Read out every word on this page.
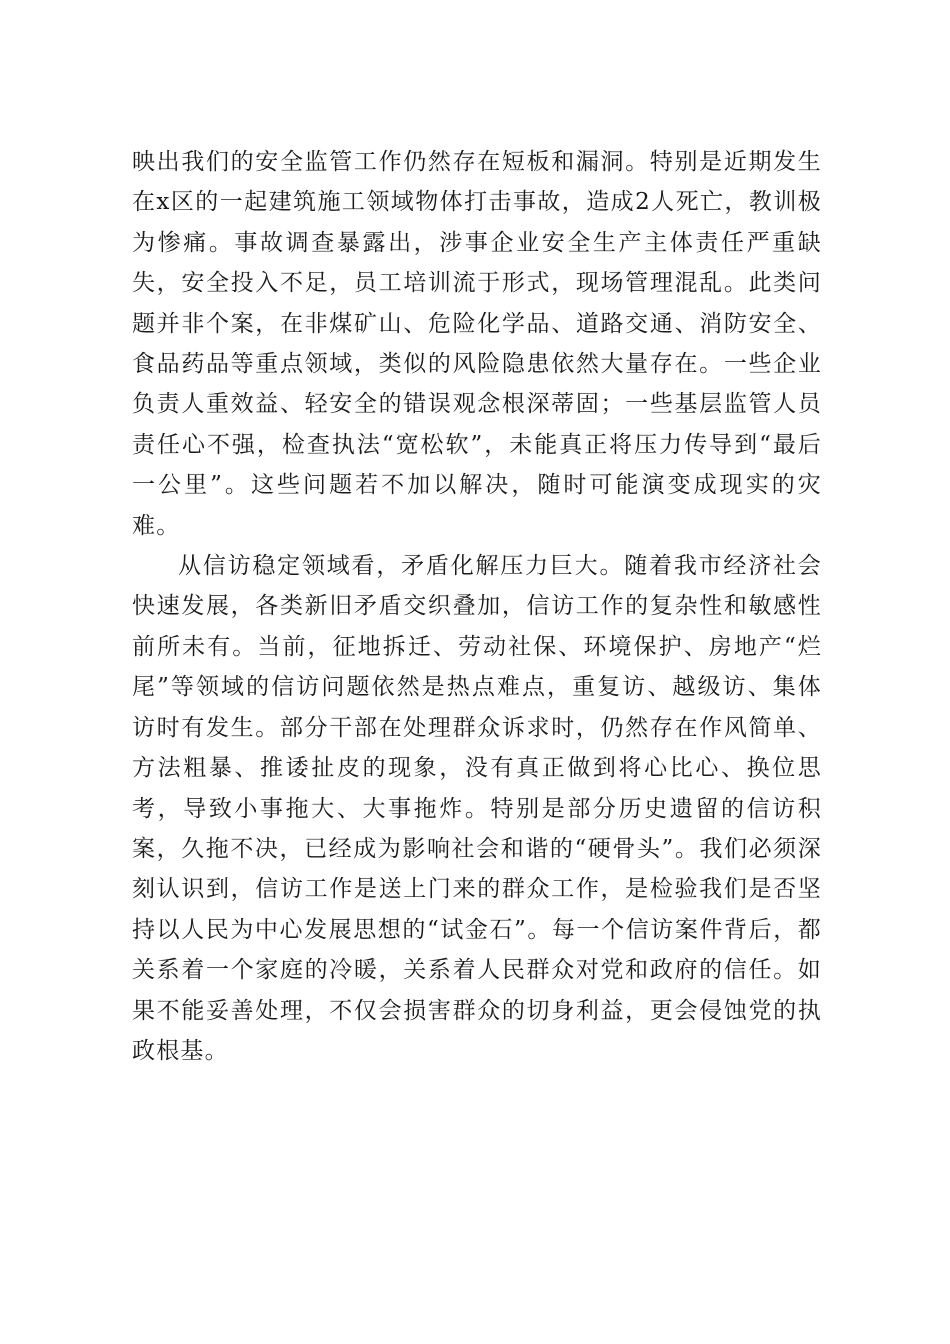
映出我们的安全监管工作仍然存在短板和漏洞。特别是近期发生在x区的一起建筑施工领域物体打击事故，造成2人死亡，教训极为惨痛。事故调查暴露出，涉事企业安全生产主体责任严重缺失，安全投入不足，员工培训流于形式，现场管理混乱。此类问题并非个案，在非煤矿山、危险化学品、道路交通、消防安全、食品药品等重点领域，类似的风险隐患依然大量存在。一些企业负责人重效益、轻安全的错误观念根深蒂固；一些基层监管人员责任心不强，检查执法“宽松软”，未能真正将压力传导到“最后一公里”。这些问题若不加以解决，随时可能演变成现实的灾难。

从信访稳定领域看，矛盾化解压力巨大。随着我市经济社会快速发展，各类新旧矛盾交织叠加，信访工作的复杂性和敏感性前所未有。当前，征地拆迁、劳动社保、环境保护、房地产“烂尾”等领域的信访问题依然是热点难点，重复访、越级访、集体访时有发生。部分干部在处理群众诉求时，仍然存在作风简单、方法粗暴、推诿扯皮的现象，没有真正做到将心比心、换位思考，导致小事拖大、大事拖炸。特别是部分历史遗留的信访积案，久拖不决，已经成为影响社会和谐的“硬骨头”。我们必须深刻认识到，信访工作是送上门来的群众工作，是检验我们是否坚持以人民为中心发展思想的“试金石”。每一个信访案件背后，都关系着一个家庭的冷暖，关系着人民群众对党和政府的信任。如果不能妥善处理，不仅会损害群众的切身利益，更会侵蚀党的执政根基。
